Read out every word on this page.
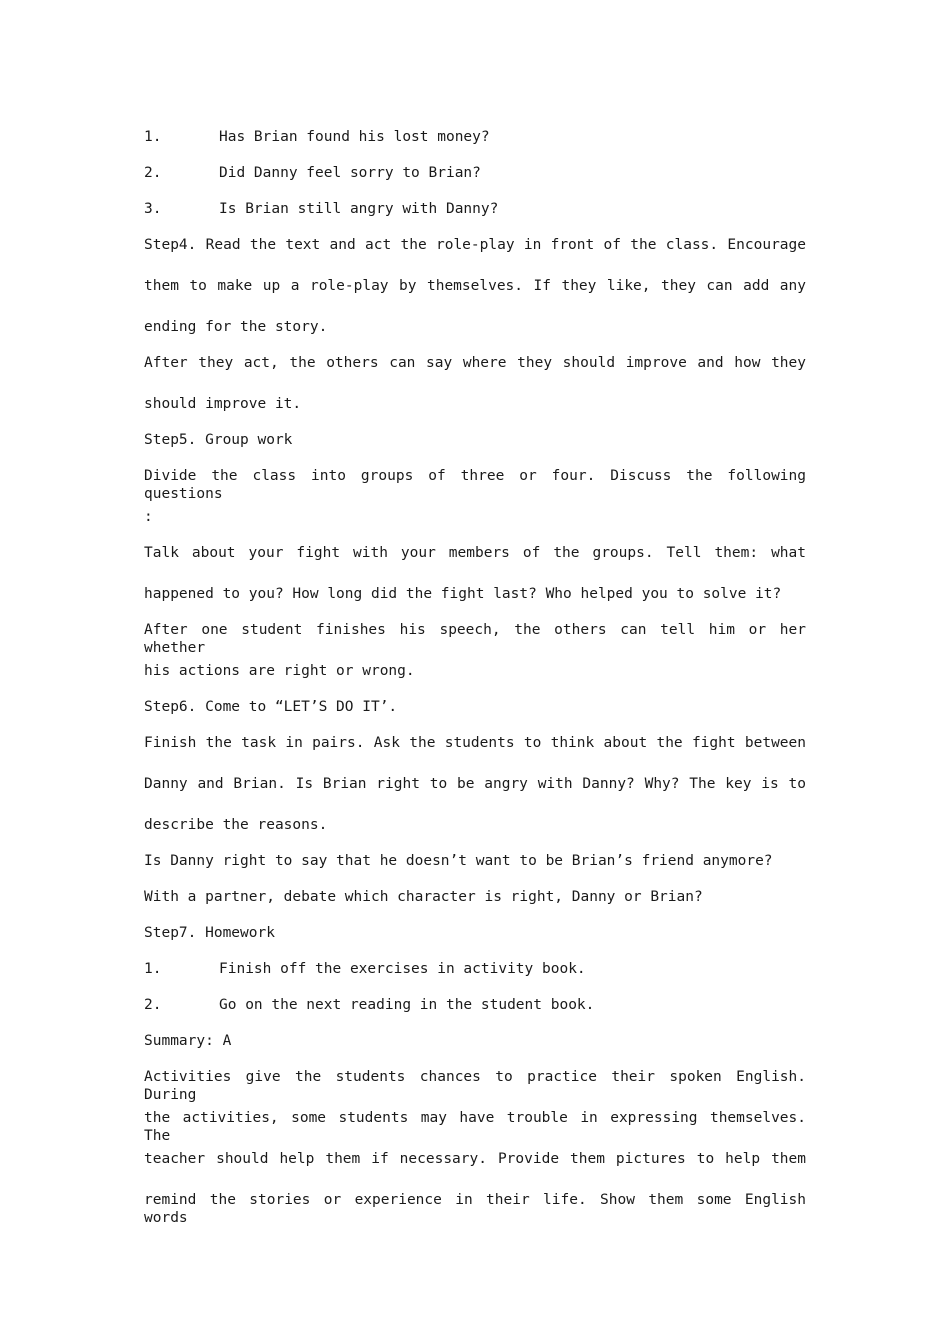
1.	Has Brian found his lost money?
2.	Did Danny feel sorry to Brian?
3.	Is Brian still angry with Danny?
Step4. Read the text and act the role-play in front of the class. Encourage
them to make up a role-play by themselves. If they like, they can add any
ending for the story.
After they act, the others can say where they should improve and how they
should improve it.
Step5. Group work
Divide the class into groups of three or four. Discuss the following questions
:
Talk about your fight with your members of the groups. Tell them: what
happened to you? How long did the fight last? Who helped you to solve it?
After one student finishes his speech, the others can tell him or her whether
his actions are right or wrong.
Step6. Come to “LET’S DO IT’.
Finish the task in pairs. Ask the students to think about the fight between
Danny and Brian. Is Brian right to be angry with Danny? Why? The key is to
describe the reasons.
Is Danny right to say that he doesn’t want to be Brian’s friend anymore?
With a partner, debate which character is right, Danny or Brian?
Step7. Homework
1.	Finish off the exercises in activity book.
2.	Go on the next reading in the student book.
Summary: A
Activities give the students chances to practice their spoken English. During
the activities, some students may have trouble in expressing themselves. The
teacher should help them if necessary. Provide them pictures to help them
remind the stories or experience in their life. Show them some English words
